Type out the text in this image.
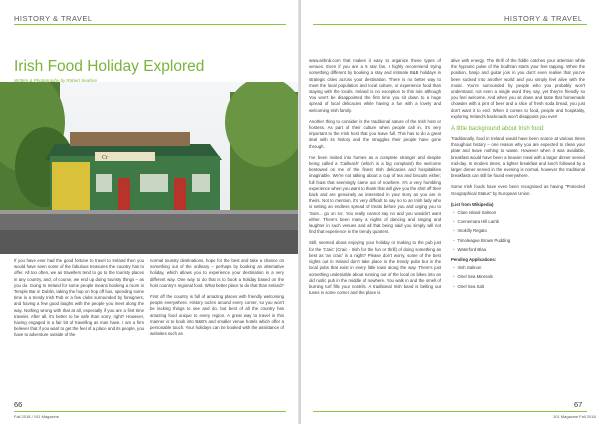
HISTORY & TRAVEL
Cr
Irish Food Holiday Explored
Written & Photography by Robert Seafore

If you have ever had the good fortune to travel to Ireland then you would have seen some of the fabulous treasures the country has to offer. All too often, we as travellers tend to go to the touristy places in any country, and, of course, we end up doing touristy things – as you do. Going to Ireland for some people means booking a room in Temple Bar in Dublin, taking the hop on hop off bus, spending some time in a trendy Irish Pub or a few clubs surrounded by foreigners, and having a few good laughs with the people you meet along the way. Nothing wrong with that at all, especially if you are a first time traveler. After all, it's better to be safe than sorry, right? However, having engaged in a fair bit of travelling as man have, I am a firm believer that if you want to get the feel of a place and its people, you have to adventure outside of the

normal touristy destinations, hope for the best and take a chance on something out of the ordinary – perhaps by booking an alternative holiday, which allows you to experience your destination in a very different way. One way to do that is to book a holiday based on the host country's regional food. What better place to do that than Ireland?

First off the country is full of amazing places with friendly welcoming people everywhere. History oozes around every corner, so you won't be lacking things to see and do, but best of all the country has amazing food unique to every region. A great way to travel in this manner is to book into B&B's and smaller venue hotels which offer a personable touch. Your holidays can be booked with the assistance of websites such as

66
Fall 2018 / 101 Magazine
HISTORY & TRAVEL

www.airbnb.com that makes it easy to organize these types of venues. Even if you are a 5 star fan, I highly recommend trying something different by booking a stay and intimate B&B holidays in strategic cities across your destination. There is no better way to meet the local population and local culture, or experience food than staying with the locals. Ireland is no exception to this rule although You won't be disappointed the first time you sit down to a huge spread of local delicacies while having a fun with a lovely and welcoming Irish family.

Another thing to consider is the traditional nature of the Irish host or hostess. As part of their culture when people call in, it's very important to the Irish host that you leave full. This has to do a great deal with its history and the struggles their people have gone through.

I've been invited into homes as a complete stranger and despite being called a 'Cailleach' (which is a big complaint) the welcome bestowed on me of the finest Irish delicacies and hospitalities imaginable. We're not talking about a cup of tea and biscuits either; full feast that seemingly came out of nowhere. It's a very humbling experience when you want to thank that will give you the shirt off their back and are genuinely as interested in your story as you are in theirs. Not to mention, it's very difficult to say no to an Irish lady who is setting an endless spread of treats before you and urging you to 'Sure... go on so'. You really cannot say no and you wouldn't want either. There's been many a nights of dancing and singing and laughter in such venues and all that being said you simply will not find that experience in the trendy quarters.

Still, seemed about enjoying your holiday or making to the pub just for the 'Craic' (Craic - Irish for the fun or thrill) of doing something as best as 'an craic' in a night? Please don't worry, some of the best nights out in Ireland don't take place in the trendy pubs but in the local pubs that exist in every little town along the way. There's just something undeniable about running out of the local on bikes into an old rustic pub in the middle of nowhere. You walk in and the smell of burning turf fills your nostrils. A traditional Irish band is belting out tunes in some corner and the place is

alive with energy. The thrill of the fiddle catches your attention while the hypnotic pulse of the bodhran starts your feet tapping. When the position, banjo and guitar join in you don't even realise that you've been sucked into another world and you simply feel alive with the music. You're surrounded by people who you probably won't understand, not even a single word they say, yet they're friendly so you feel welcome. And when you sit down and taste that homemade chowder with a pint of beer and a slice of fresh soda bread, you just don't want it to end. When it comes to food, people and hospitality, exploring Ireland's backroads won't disappoint you ever!

A little background about Irish food:

Traditionally, food in Ireland would have been scarce at various times throughout history – one reason why you are expected to clean your plate and leave nothing to waste. However when it was available, breakfast would have been a heavier meal with a larger dinner served mid-day. In modern times, a lighter breakfast and lunch followed by a larger dinner served in the evening is normal, however the traditional breakfasts can still be found everywhere.

Some Irish foods have even been recognised as having "Protected Geographical Status" by European Union.

(List from Wikipedia)
• Clare Island Salmon
• Connemara Hill Lamb
• Imokilly Regato
• Timoleague Brown Pudding
• Waterford Blaa
Pending Applications:
• Irish Salmon
• Oriel Sea Minerals
• Oriel Sea Salt
67
101 Magazine Fall 2018
